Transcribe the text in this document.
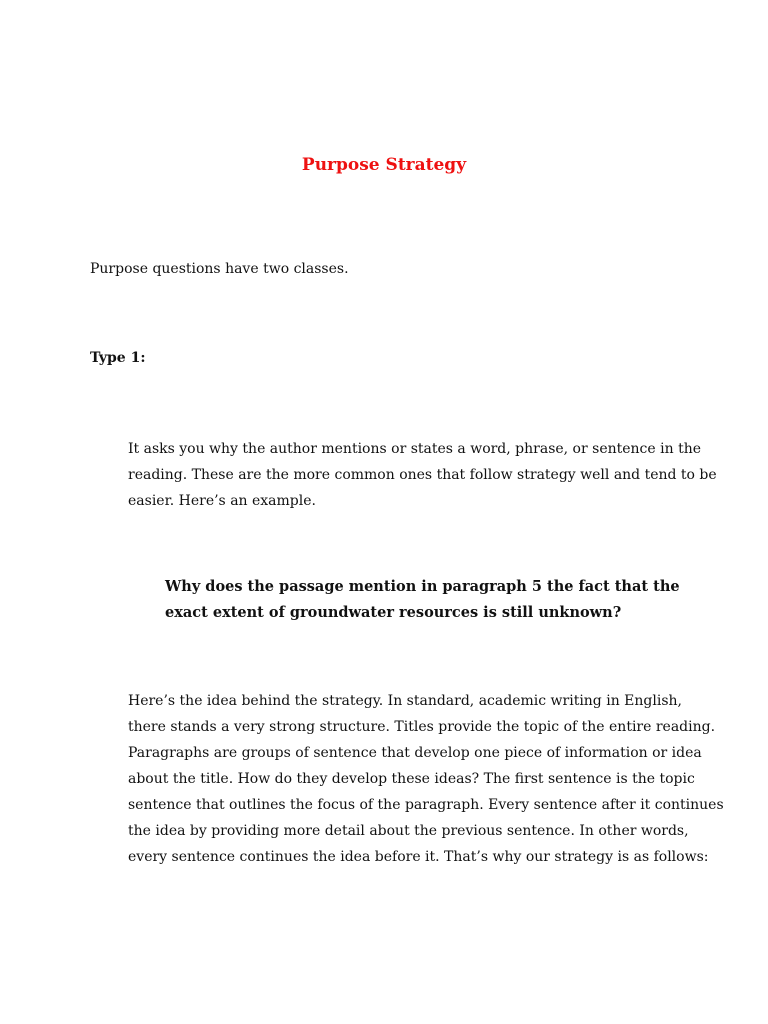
Purpose Strategy

Purpose questions have two classes.

Type 1:

It asks you why the author mentions or states a word, phrase, or sentence in the
reading. These are the more common ones that follow strategy well and tend to be
easier. Here’s an example.

Why does the passage mention in paragraph 5 the fact that the
exact extent of groundwater resources is still unknown?

Here’s the idea behind the strategy. In standard, academic writing in English,
there stands a very strong structure. Titles provide the topic of the entire reading.
Paragraphs are groups of sentence that develop one piece of information or idea
about the title. How do they develop these ideas? The first sentence is the topic
sentence that outlines the focus of the paragraph. Every sentence after it continues
the idea by providing more detail about the previous sentence. In other words,
every sentence continues the idea before it. That’s why our strategy is as follows:
